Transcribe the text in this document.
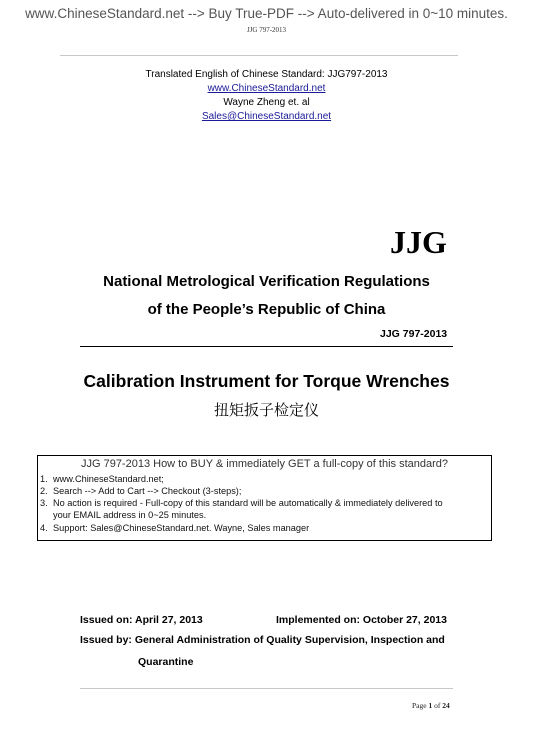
www.ChineseStandard.net --> Buy True-PDF --> Auto-delivered in 0~10 minutes.
JJG 797-2013
Translated English of Chinese Standard: JJG797-2013
www.ChineseStandard.net
Wayne Zheng et. al
Sales@ChineseStandard.net
JJG
National Metrological Verification Regulations
of the People’s Republic of China
JJG 797-2013
Calibration Instrument for Torque Wrenches
扭矩扳子检定仪
JJG 797-2013 How to BUY & immediately GET a full-copy of this standard?
1. www.ChineseStandard.net;
2. Search --> Add to Cart --> Checkout (3-steps);
3. No action is required - Full-copy of this standard will be automatically & immediately delivered to
your EMAIL address in 0~25 minutes.
4. Support: Sales@ChineseStandard.net. Wayne, Sales manager
Issued on: April 27, 2013	Implemented on: October 27, 2013
Issued by: General Administration of Quality Supervision, Inspection and
Quarantine
Page 1 of 24
